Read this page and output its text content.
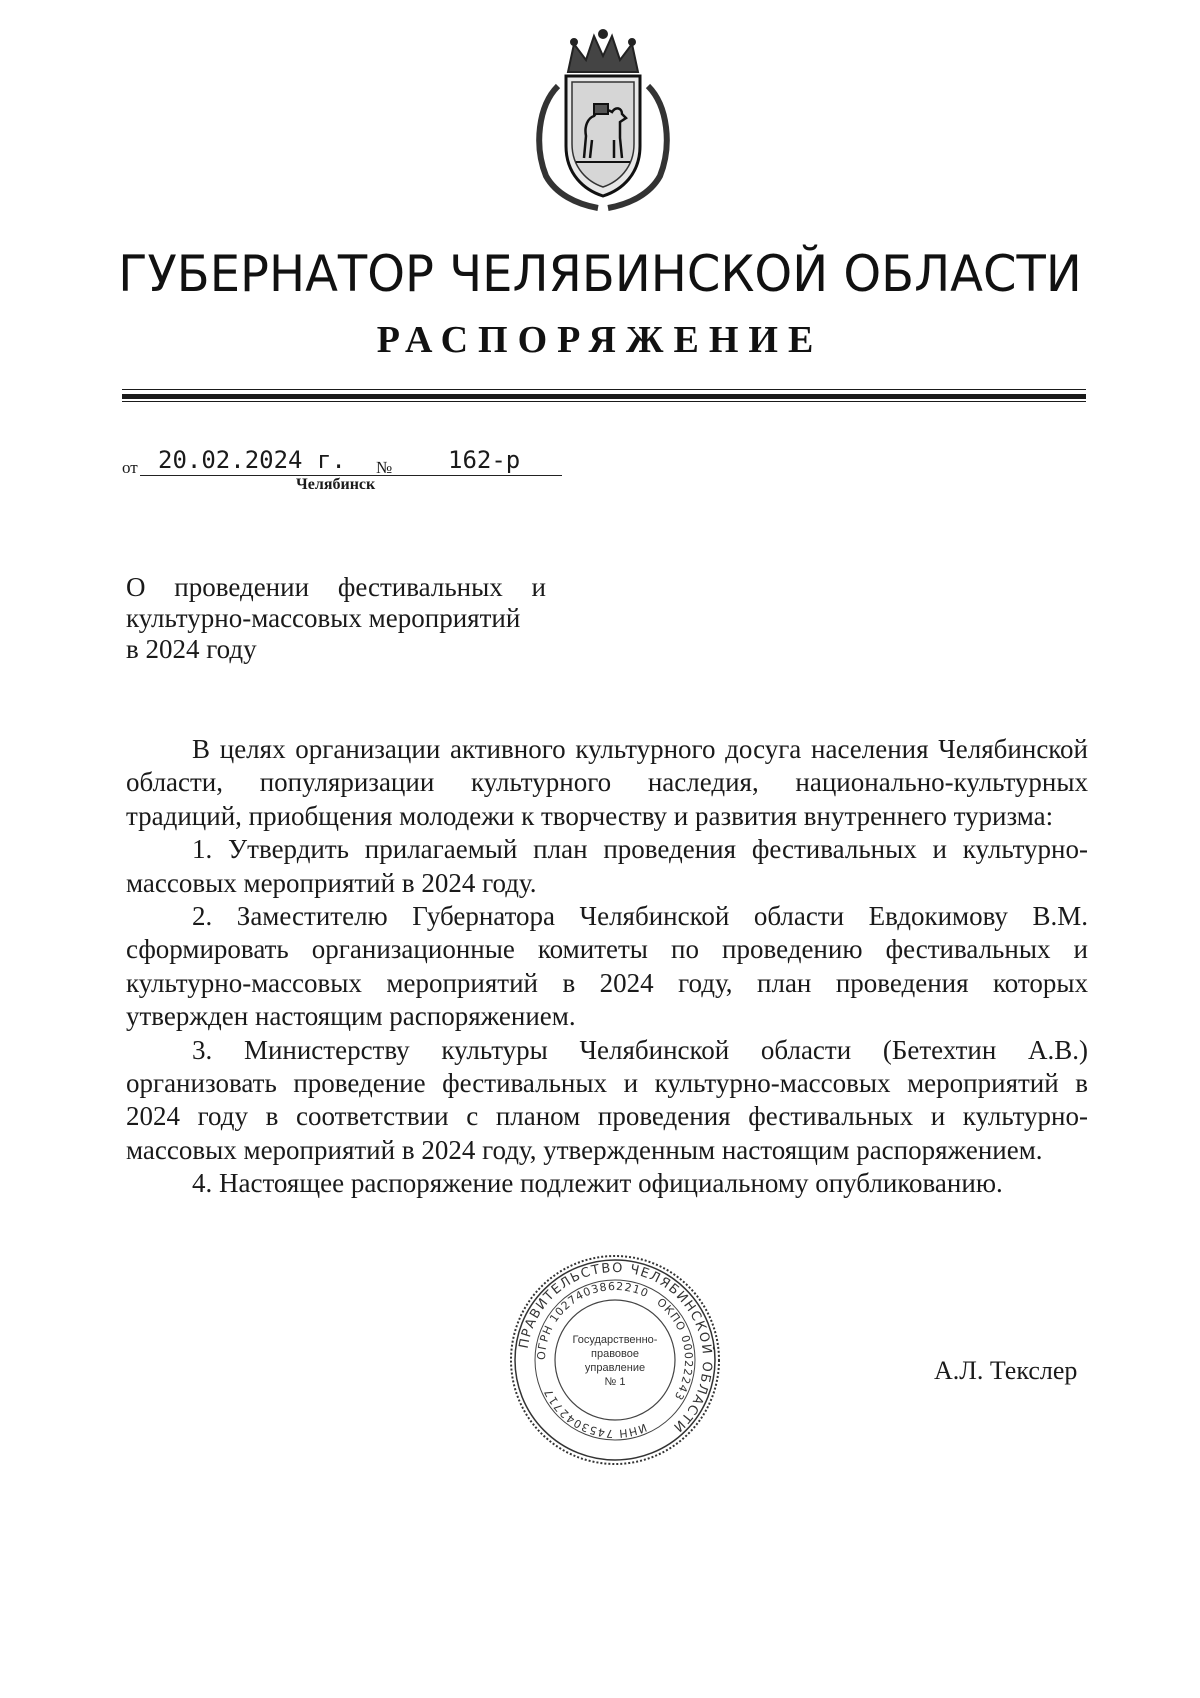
ГУБЕРНАТОР ЧЕЛЯБИНСКОЙ ОБЛАСТИ
РАСПОРЯЖЕНИЕ
от 20.02.2024 г.	№	162-р
Челябинск
О проведении фестивальных и
культурно-массовых мероприятий
в 2024 году

В целях организации активного культурного досуга населения Челябинской области, популяризации культурного наследия, национально-культурных традиций, приобщения молодежи к творчеству и развития внутреннего туризма:

1. Утвердить прилагаемый план проведения фестивальных и культурно-массовых мероприятий в 2024 году.

2. Заместителю Губернатора Челябинской области Евдокимову В.М. сформировать организационные комитеты по проведению фестивальных и культурно-массовых мероприятий в 2024 году, план проведения которых утвержден настоящим распоряжением.

3. Министерству культуры Челябинской области (Бетехтин А.В.) организовать проведение фестивальных и культурно-массовых мероприятий в 2024 году в соответствии с планом проведения фестивальных и культурно-массовых мероприятий в 2024 году, утвержденным настоящим распоряжением.

4. Настоящее распоряжение подлежит официальному опубликованию.

ПРАВИТЕЛЬСТВО ЧЕЛЯБИНСКОЙ ОБЛАСТИ
ОГРН 1027403862210
ОКПО 00022243
ИНН 7453042717
Государственно-
правовое
управление
№ 1	А.Л. Текслер
